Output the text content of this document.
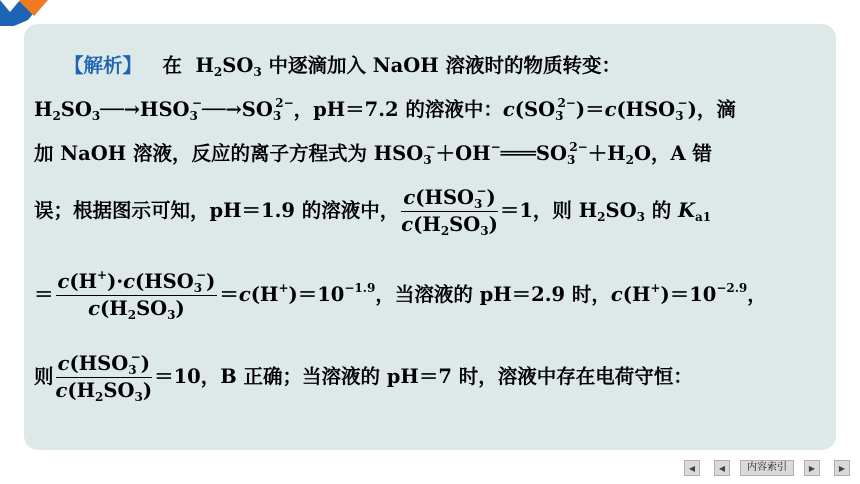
【解析】 在  $H_2SO_3$ 中逐滴加入 NaOH 溶液时的物质转变：
$H_2SO_3──\to HSO_3^-──\to SO_3^{2-}$，pH＝7.2 的溶液中：$c(SO_3^{2-})=c(HSO_3^-)$，滴
加 NaOH 溶液，反应的离子方程式为 $HSO_3^-+OH^-═══SO_3^{2-}+H_2O$，A 错
误；根据图示可知，pH＝1.9 的溶液中， $\frac{c(HSO_3^-)}{c(H_2SO_3)} =1$，则 $H_2SO_3$ 的 $K_{a1}$
＝ $\frac{c(H^+)\cdot c(HSO_3^-)}{c(H_2SO_3)} =c(H^+)=10^{-1.9}$，当溶液的 pH＝2.9 时，$c(H^+)=10^{-2.9}$，
则 $\frac{c(HSO_3^-)}{c(H_2SO_3)} =10$，B 正确；当溶液的 pH＝7 时，溶液中存在电荷守恒：
◀	◀	内容索引	▶	▶
